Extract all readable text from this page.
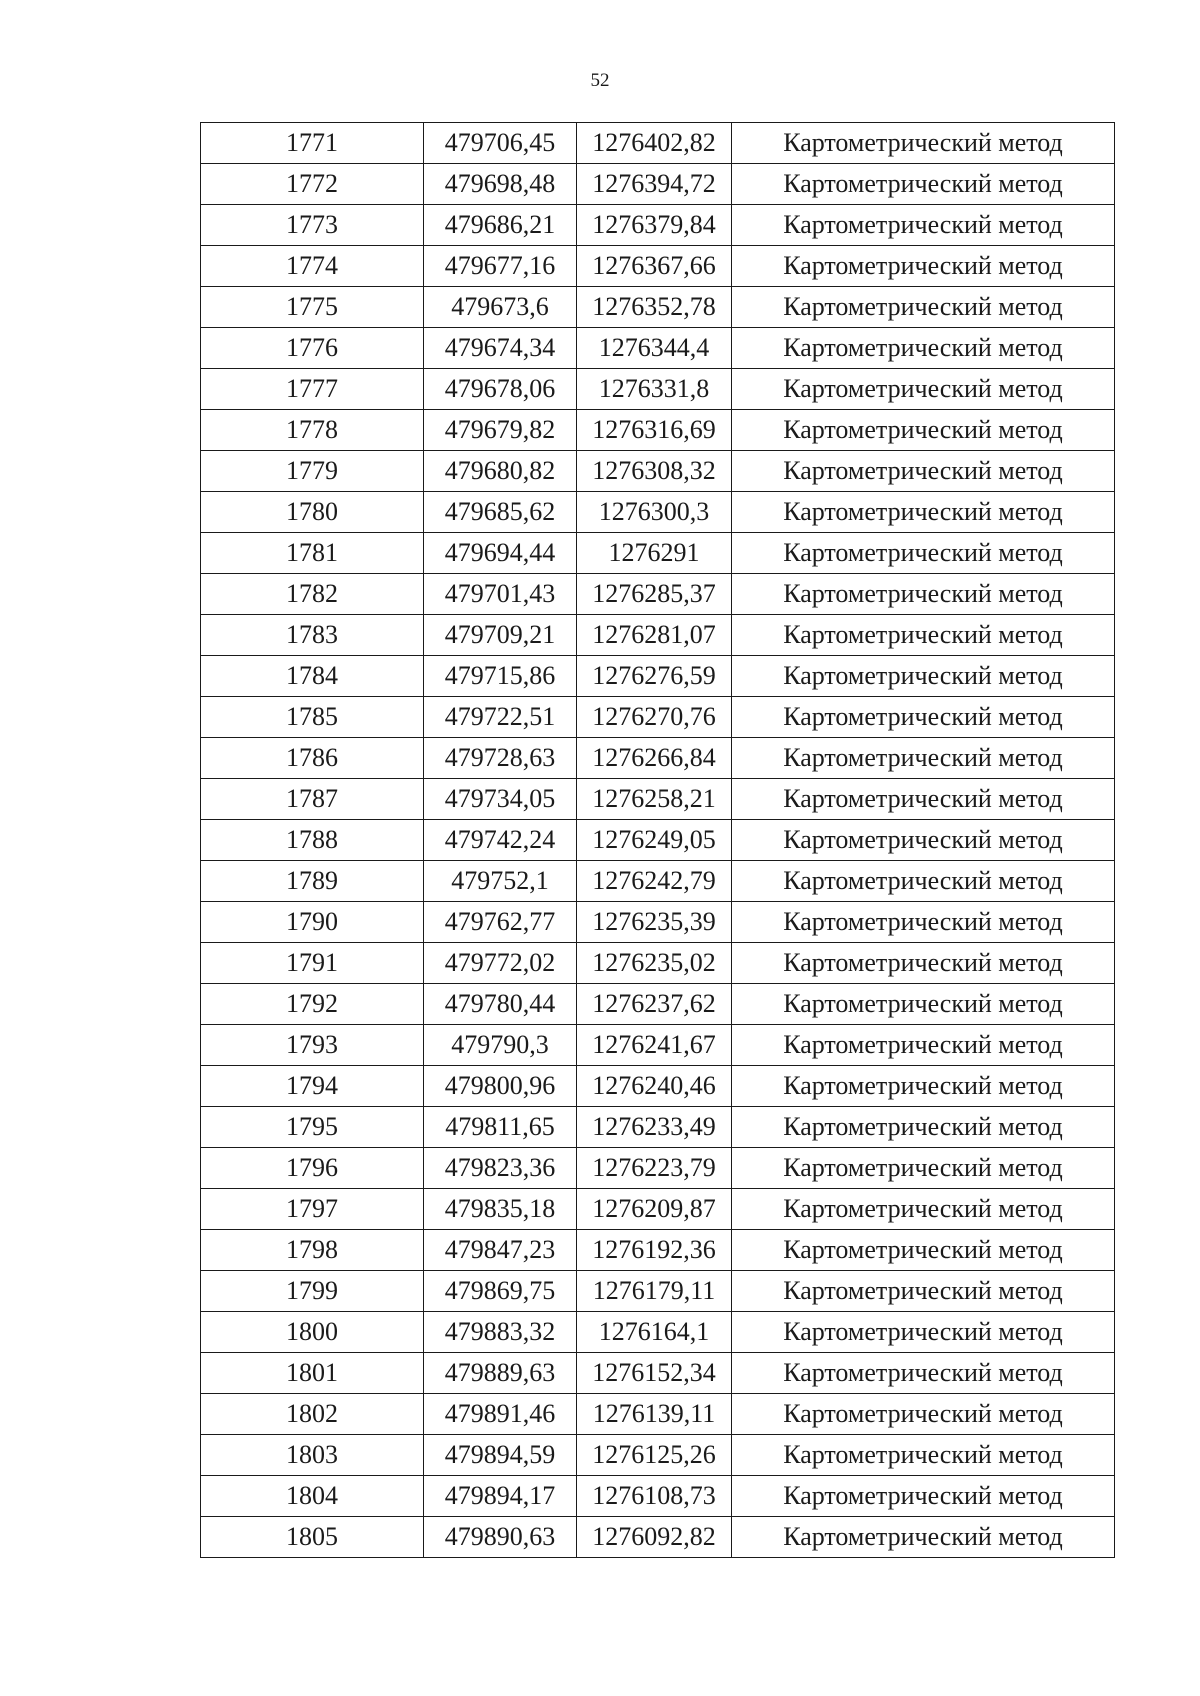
52
1771	479706,45	1276402,82	Картометрический метод
1772	479698,48	1276394,72	Картометрический метод
1773	479686,21	1276379,84	Картометрический метод
1774	479677,16	1276367,66	Картометрический метод
1775	479673,6	1276352,78	Картометрический метод
1776	479674,34	1276344,4	Картометрический метод
1777	479678,06	1276331,8	Картометрический метод
1778	479679,82	1276316,69	Картометрический метод
1779	479680,82	1276308,32	Картометрический метод
1780	479685,62	1276300,3	Картометрический метод
1781	479694,44	1276291	Картометрический метод
1782	479701,43	1276285,37	Картометрический метод
1783	479709,21	1276281,07	Картометрический метод
1784	479715,86	1276276,59	Картометрический метод
1785	479722,51	1276270,76	Картометрический метод
1786	479728,63	1276266,84	Картометрический метод
1787	479734,05	1276258,21	Картометрический метод
1788	479742,24	1276249,05	Картометрический метод
1789	479752,1	1276242,79	Картометрический метод
1790	479762,77	1276235,39	Картометрический метод
1791	479772,02	1276235,02	Картометрический метод
1792	479780,44	1276237,62	Картометрический метод
1793	479790,3	1276241,67	Картометрический метод
1794	479800,96	1276240,46	Картометрический метод
1795	479811,65	1276233,49	Картометрический метод
1796	479823,36	1276223,79	Картометрический метод
1797	479835,18	1276209,87	Картометрический метод
1798	479847,23	1276192,36	Картометрический метод
1799	479869,75	1276179,11	Картометрический метод
1800	479883,32	1276164,1	Картометрический метод
1801	479889,63	1276152,34	Картометрический метод
1802	479891,46	1276139,11	Картометрический метод
1803	479894,59	1276125,26	Картометрический метод
1804	479894,17	1276108,73	Картометрический метод
1805	479890,63	1276092,82	Картометрический метод
